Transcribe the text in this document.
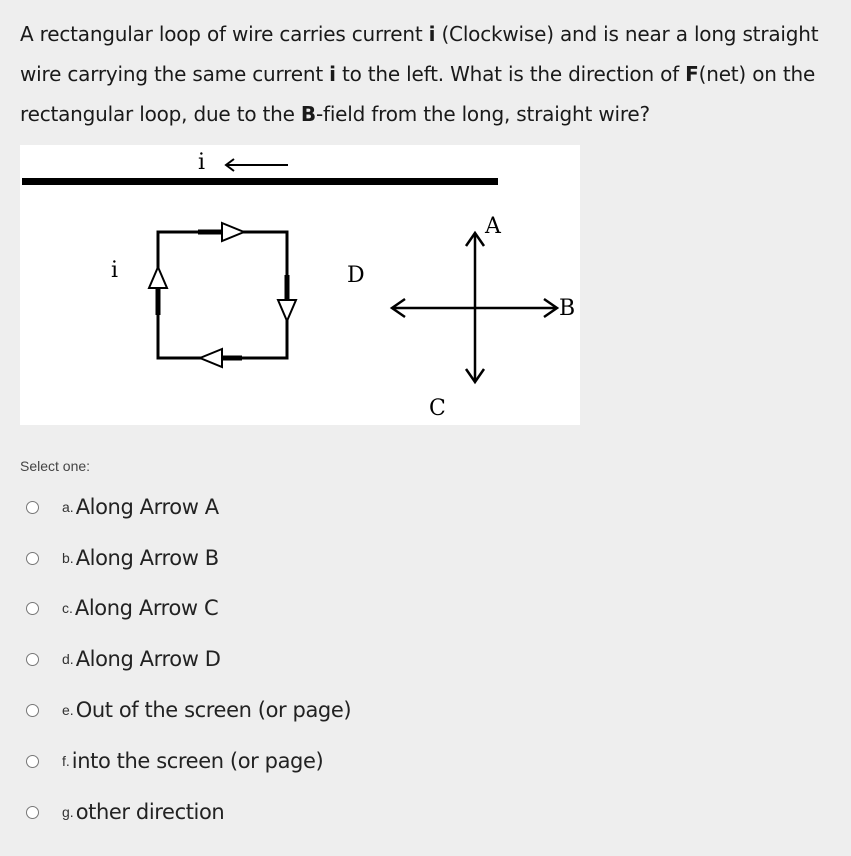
A rectangular loop of wire carries current i (Clockwise) and is near a long straight wire carrying the same current i to the left. What is the direction of F(net) on the rectangular loop, due to the B-field from the long, straight wire?
i
i	D
A
B
C
Select one:
a. Along Arrow A
b. Along Arrow B
c. Along Arrow C
d. Along Arrow D
e. Out of the screen (or page)
f. into the screen (or page)
g. other direction
